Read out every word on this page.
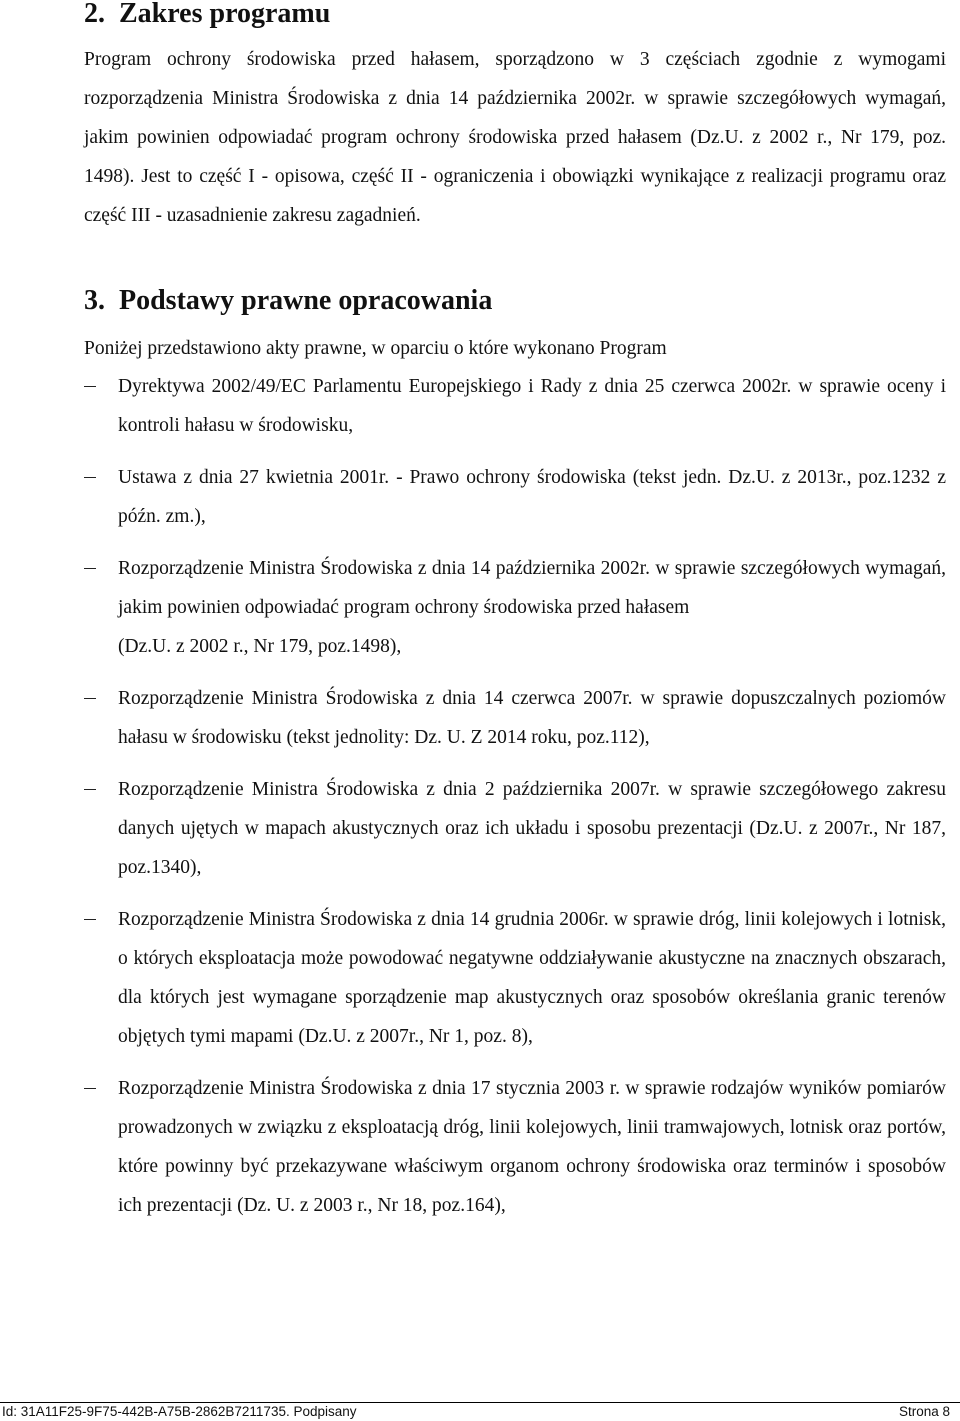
2. Zakres programu

Program ochrony środowiska przed hałasem, sporządzono w 3 częściach zgodnie z wymogami rozporządzenia Ministra Środowiska z dnia 14 października 2002r. w sprawie szczegółowych wymagań, jakim powinien odpowiadać program ochrony środowiska przed hałasem (Dz.U. z 2002 r., Nr 179, poz. 1498). Jest to część I - opisowa, część II - ograniczenia i obowiązki wynikające z realizacji programu oraz część III - uzasadnienie zakresu zagadnień.

3. Podstawy prawne opracowania

Poniżej przedstawiono akty prawne, w oparciu o które wykonano Program

Dyrektywa 2002/49/EC Parlamentu Europejskiego i Rady z dnia 25 czerwca 2002r. w sprawie oceny i kontroli hałasu w środowisku,
Ustawa z dnia 27 kwietnia 2001r. - Prawo ochrony środowiska (tekst jedn. Dz.U. z 2013r., poz.1232 z późn. zm.),
Rozporządzenie Ministra Środowiska z dnia 14 października 2002r. w sprawie szczegółowych wymagań, jakim powinien odpowiadać program ochrony środowiska przed hałasem
(Dz.U. z 2002 r., Nr 179, poz.1498),
Rozporządzenie Ministra Środowiska z dnia 14 czerwca 2007r. w sprawie dopuszczalnych poziomów hałasu w środowisku (tekst jednolity: Dz. U. Z 2014 roku, poz.112),
Rozporządzenie Ministra Środowiska z dnia 2 października 2007r. w sprawie szczegółowego zakresu danych ujętych w mapach akustycznych oraz ich układu i sposobu prezentacji (Dz.U. z 2007r., Nr 187, poz.1340),
Rozporządzenie Ministra Środowiska z dnia 14 grudnia 2006r. w sprawie dróg, linii kolejowych i lotnisk, o których eksploatacja może powodować negatywne oddziaływanie akustyczne na znacznych obszarach, dla których jest wymagane sporządzenie map akustycznych oraz sposobów określania granic terenów objętych tymi mapami (Dz.U. z 2007r., Nr 1, poz. 8),
Rozporządzenie Ministra Środowiska z dnia 17 stycznia 2003 r. w sprawie rodzajów wyników pomiarów prowadzonych w związku z eksploatacją dróg, linii kolejowych, linii tramwajowych, lotnisk oraz portów, które powinny być przekazywane właściwym organom ochrony środowiska oraz terminów i sposobów ich prezentacji (Dz. U. z 2003 r., Nr 18, poz.164),
Id: 31A11F25-9F75-442B-A75B-2862B7211735. Podpisany	Strona 8
